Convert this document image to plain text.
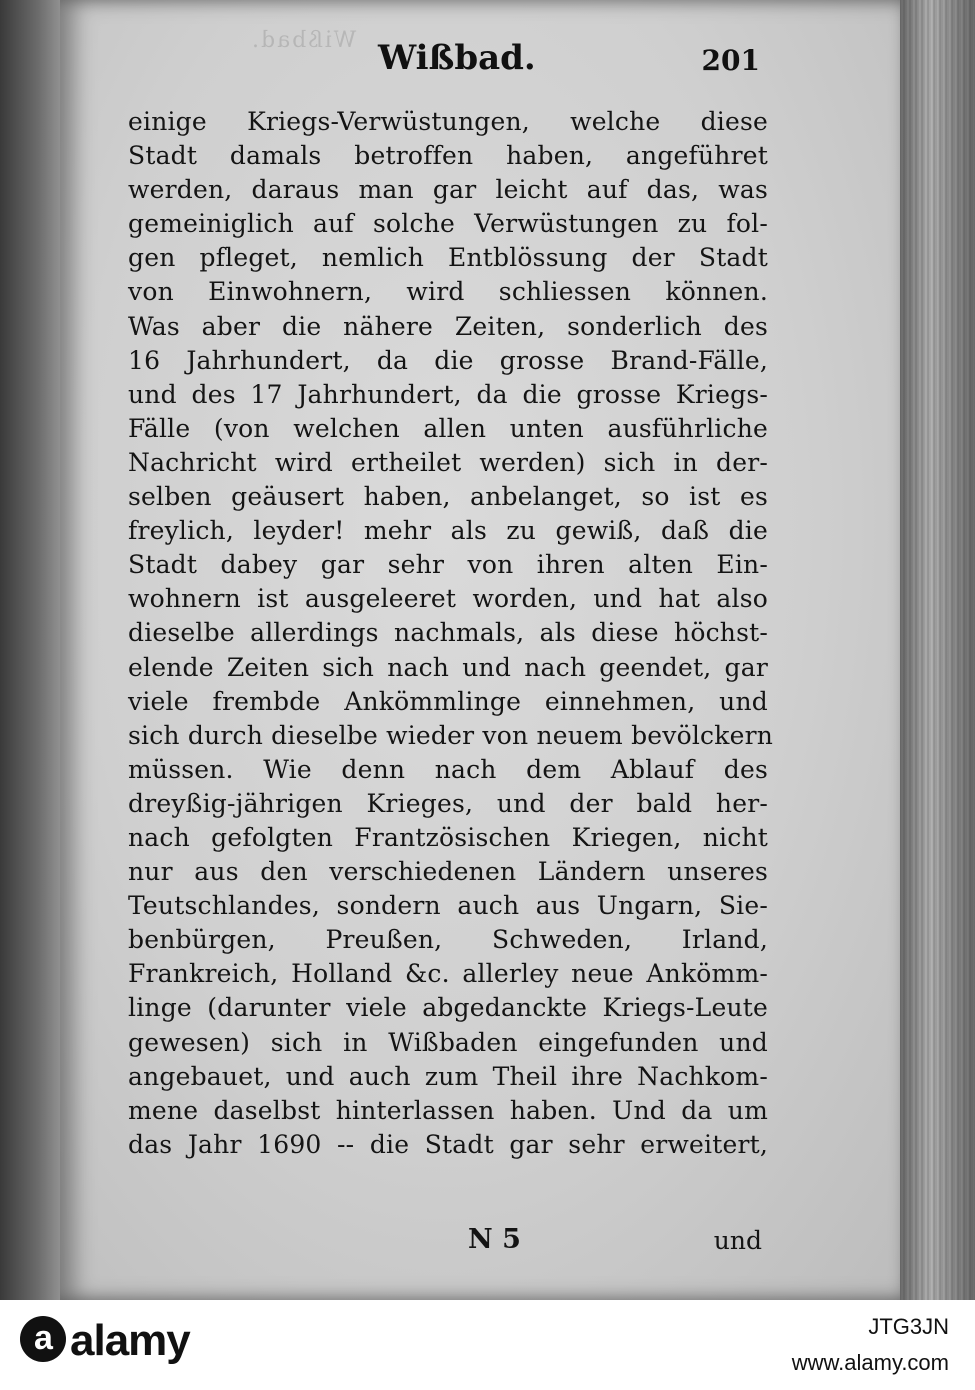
Wißbad. Wißbad.	201
einige Kriegs-Verwüstungen, welche diese
Stadt damals betroffen haben, angeführet
werden, daraus man gar leicht auf das, was
gemeiniglich auf solche Verwüstungen zu fol-
gen pfleget, nemlich Entblössung der Stadt
von Einwohnern, wird schliessen können.
Was aber die nähere Zeiten, sonderlich des
16 Jahrhundert, da die grosse Brand-Fälle,
und des 17 Jahrhundert, da die grosse Kriegs-
Fälle (von welchen allen unten ausführliche
Nachricht wird ertheilet werden) sich in der-
selben geäusert haben, anbelanget, so ist es
freylich, leyder! mehr als zu gewiß, daß die
Stadt dabey gar sehr von ihren alten Ein-
wohnern ist ausgeleeret worden, und hat also
dieselbe allerdings nachmals, als diese höchst-
elende Zeiten sich nach und nach geendet, gar
viele frembde Ankömmlinge einnehmen, und
sich durch dieselbe wieder von neuem bevölckern
müssen. Wie denn nach dem Ablauf des
dreyßig-jährigen Krieges, und der bald her-
nach gefolgten Frantzösischen Kriegen, nicht
nur aus den verschiedenen Ländern unseres
Teutschlandes, sondern auch aus Ungarn, Sie-
benbürgen, Preußen, Schweden, Irland,
Frankreich, Holland &c. allerley neue Ankömm-
linge (darunter viele abgedanckte Kriegs-Leute
gewesen) sich in Wißbaden eingefunden und
angebauet, und auch zum Theil ihre Nachkom-
mene daselbst hinterlassen haben. Und da um
das Jahr 1690 -- die Stadt gar sehr erweitert,
N 5	und
a alamy	JTG3JN
www.alamy.com
